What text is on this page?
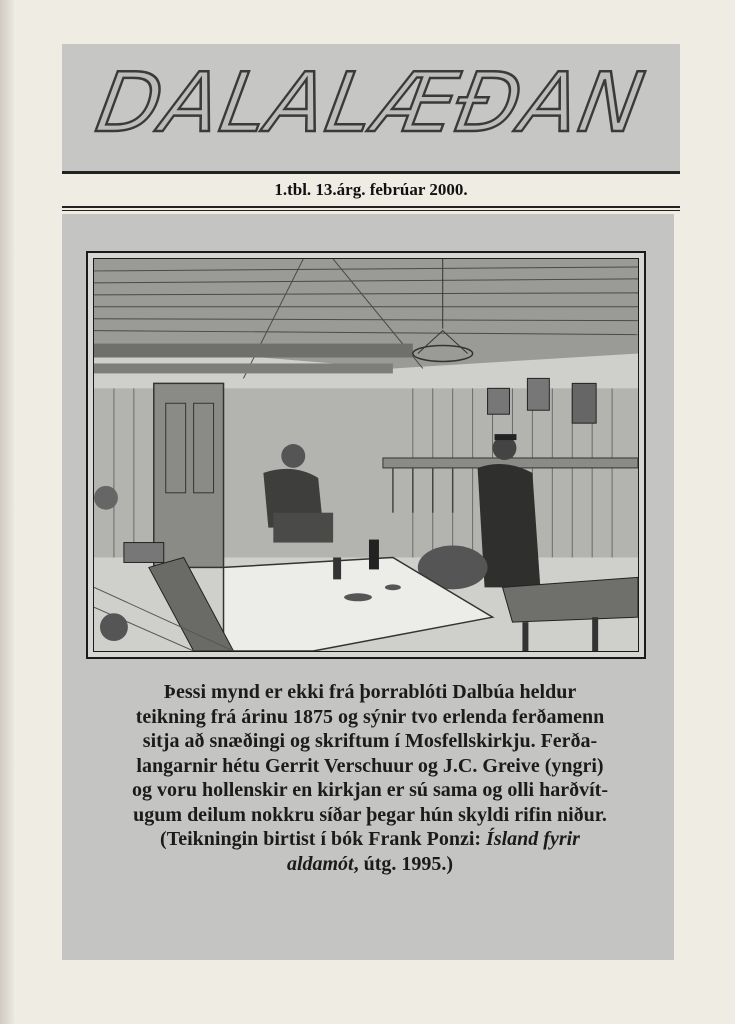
DALALÆÐAN
1.tbl. 13.árg. febrúar 2000.
Þessi mynd er ekki frá þorrablóti Dalbúa heldur
teikning frá árinu 1875 og sýnir tvo erlenda ferðamenn
sitja að snæðingi og skriftum í Mosfellskirkju. Ferða-
langarnir hétu Gerrit Verschuur og J.C. Greive (yngri)
og voru hollenskir en kirkjan er sú sama og olli harðvít-
ugum deilum nokkru síðar þegar hún skyldi rifin niður.
(Teikningin birtist í bók Frank Ponzi: Ísland fyrir
aldamót, útg. 1995.)
